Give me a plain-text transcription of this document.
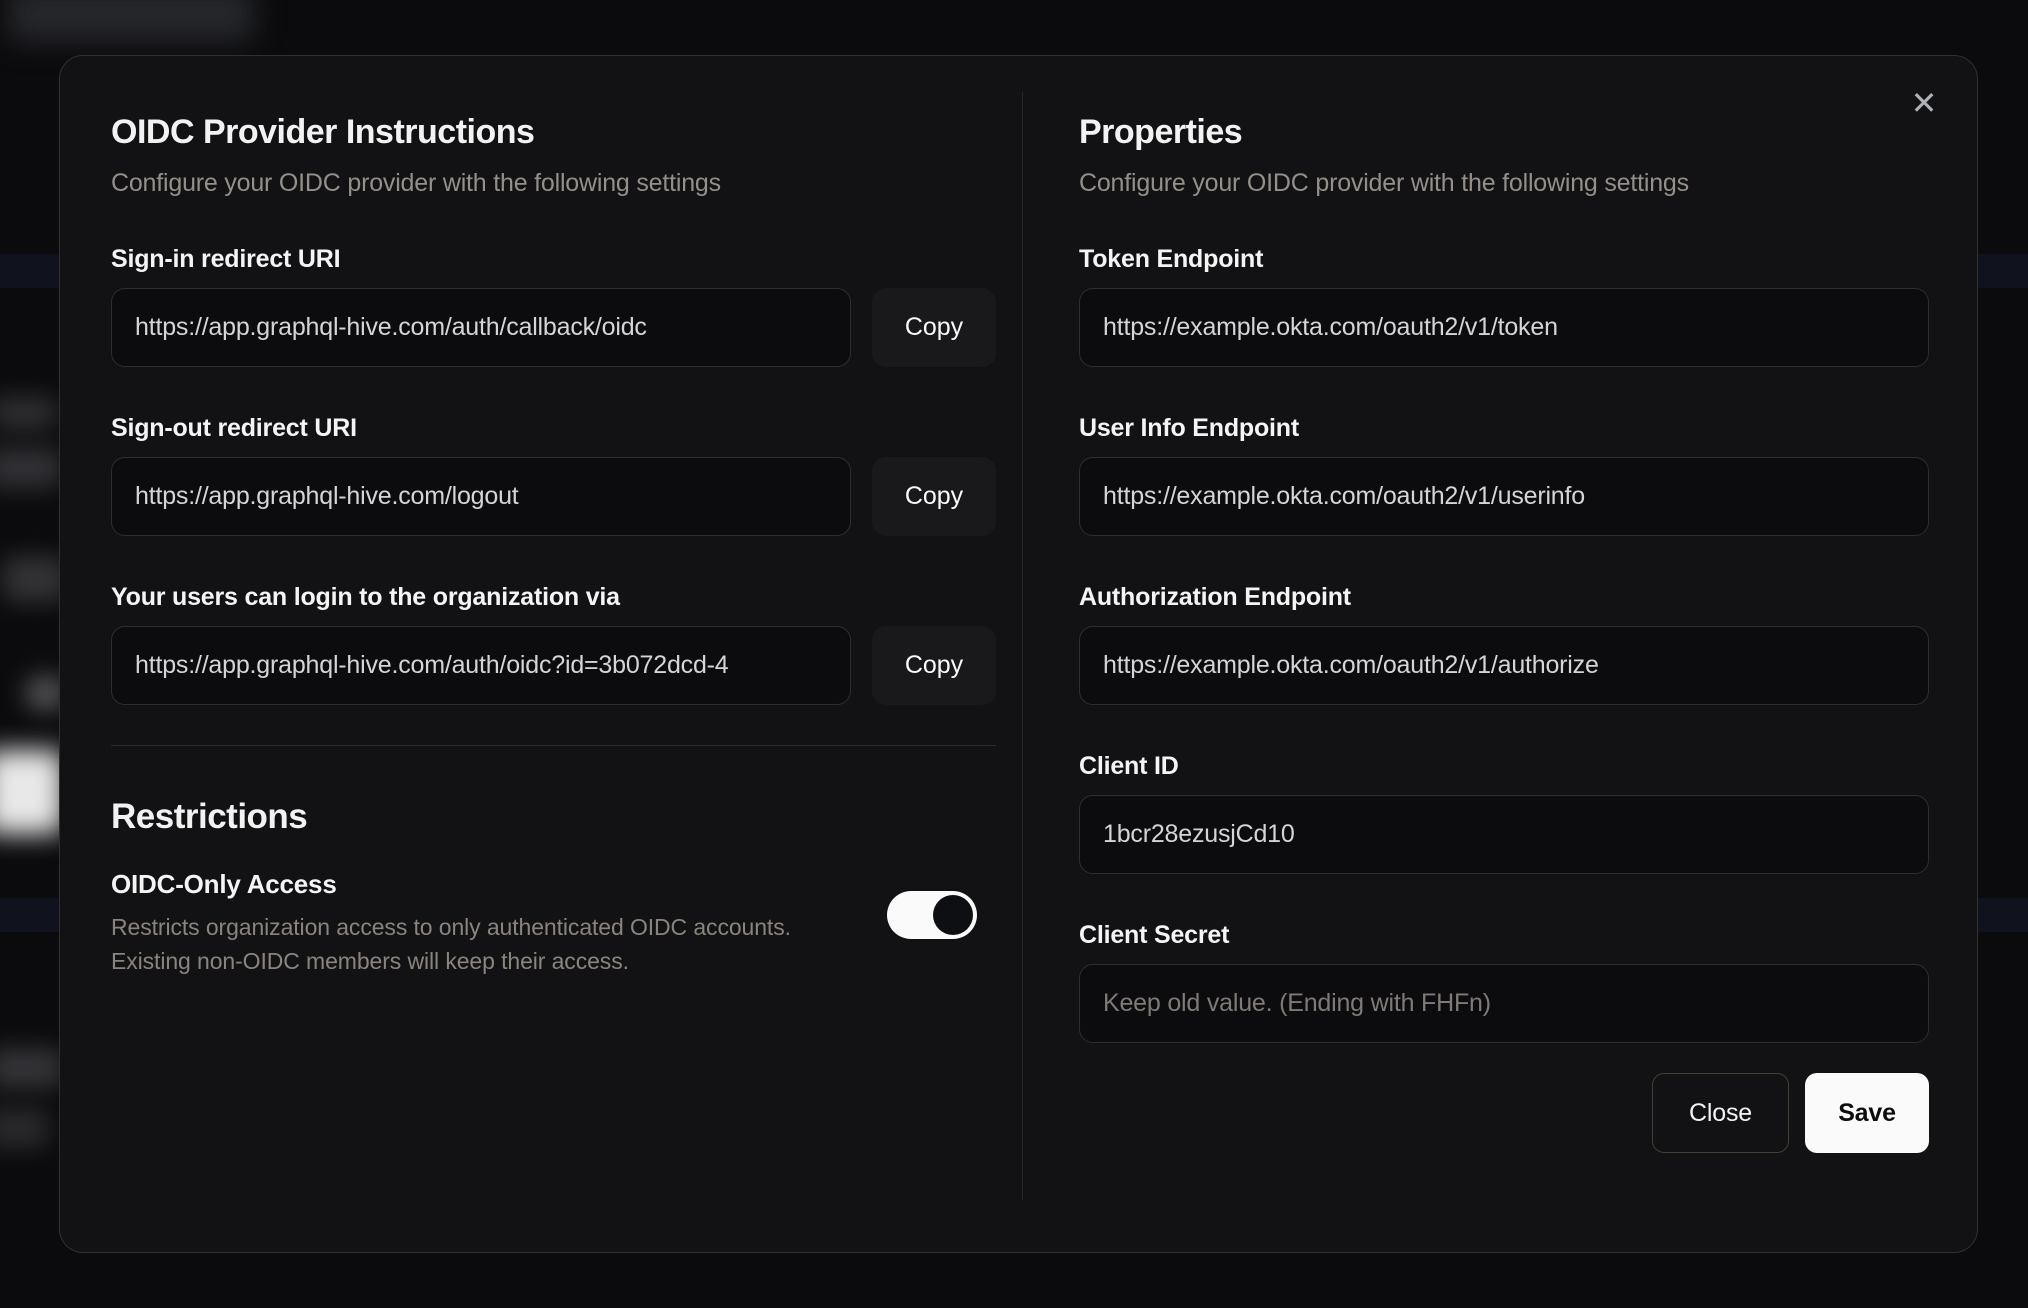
✕
OIDC Provider Instructions

Configure your OIDC provider with the following settings

Sign-in redirect URI
https://app.graphql-hive.com/auth/callback/oidc
Copy
Sign-out redirect URI
https://app.graphql-hive.com/logout
Copy
Your users can login to the organization via
https://app.graphql-hive.com/auth/oidc?id=3b072dcd-4
Copy
Restrictions
OIDC-Only Access
Restricts organization access to only authenticated OIDC accounts.
Existing non-OIDC members will keep their access.
Properties

Configure your OIDC provider with the following settings

Token Endpoint
https://example.okta.com/oauth2/v1/token
User Info Endpoint
https://example.okta.com/oauth2/v1/userinfo
Authorization Endpoint
https://example.okta.com/oauth2/v1/authorize
Client ID
1bcr28ezusjCd10
Client Secret
Keep old value. (Ending with FHFn)
Close	Save
